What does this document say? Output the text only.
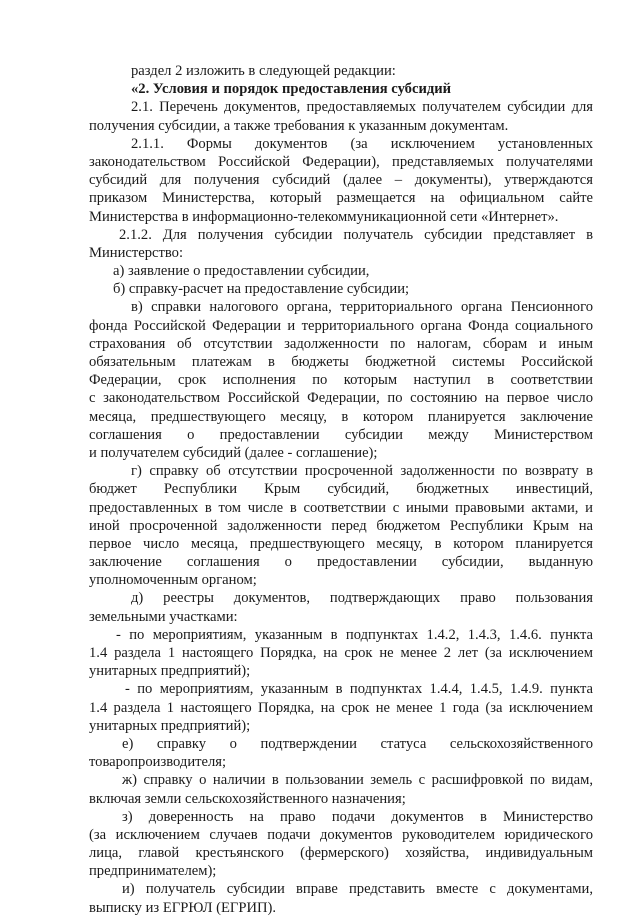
раздел 2 изложить в следующей редакции:
«2. Условия и порядок предоставления субсидий
2.1. Перечень документов, предоставляемых получателем субсидии для
получения субсидии, а также требования к указанным документам.
2.1.1. Формы документов (за исключением установленных
законодательством Российской Федерации), представляемых получателями
субсидий для получения субсидий (далее – документы), утверждаются
приказом Министерства, который размещается на официальном сайте
Министерства в информационно-телекоммуникационной сети «Интернет».
2.1.2. Для получения субсидии получатель субсидии представляет в
Министерство:
а) заявление о предоставлении субсидии,
б) справку-расчет на предоставление субсидии;
в) справки налогового органа, территориального органа Пенсионного
фонда Российской Федерации и территориального органа Фонда социального
страхования об отсутствии задолженности по налогам, сборам и иным
обязательным платежам в бюджеты бюджетной системы Российской
Федерации, срок исполнения по которым наступил в соответствии
с законодательством Российской Федерации, по состоянию на первое число
месяца, предшествующего месяцу, в котором планируется заключение
соглашения о предоставлении субсидии между Министерством
и получателем субсидий (далее - соглашение);
г) справку об отсутствии просроченной задолженности по возврату в
бюджет Республики Крым субсидий, бюджетных инвестиций,
предоставленных в том числе в соответствии с иными правовыми актами, и
иной просроченной задолженности перед бюджетом Республики Крым на
первое число месяца, предшествующего месяцу, в котором планируется
заключение соглашения о предоставлении субсидии, выданную
уполномоченным органом;
д) реестры документов, подтверждающих право пользования
земельными участками:
- по мероприятиям, указанным в подпунктах 1.4.2, 1.4.3, 1.4.6. пункта
1.4 раздела 1 настоящего Порядка, на срок не менее 2 лет (за исключением
унитарных предприятий);
- по мероприятиям, указанным в подпунктах 1.4.4, 1.4.5, 1.4.9. пункта
1.4 раздела 1 настоящего Порядка, на срок не менее 1 года (за исключением
унитарных предприятий);
е) справку о подтверждении статуса сельскохозяйственного
товаропроизводителя;
ж) справку о наличии в пользовании земель с расшифровкой по видам,
включая земли сельскохозяйственного назначения;
з) доверенность на право подачи документов в Министерство
(за исключением случаев подачи документов руководителем юридического
лица, главой крестьянского (фермерского) хозяйства, индивидуальным
предпринимателем);
и) получатель субсидии вправе представить вместе с документами,
выписку из ЕГРЮЛ (ЕГРИП).
